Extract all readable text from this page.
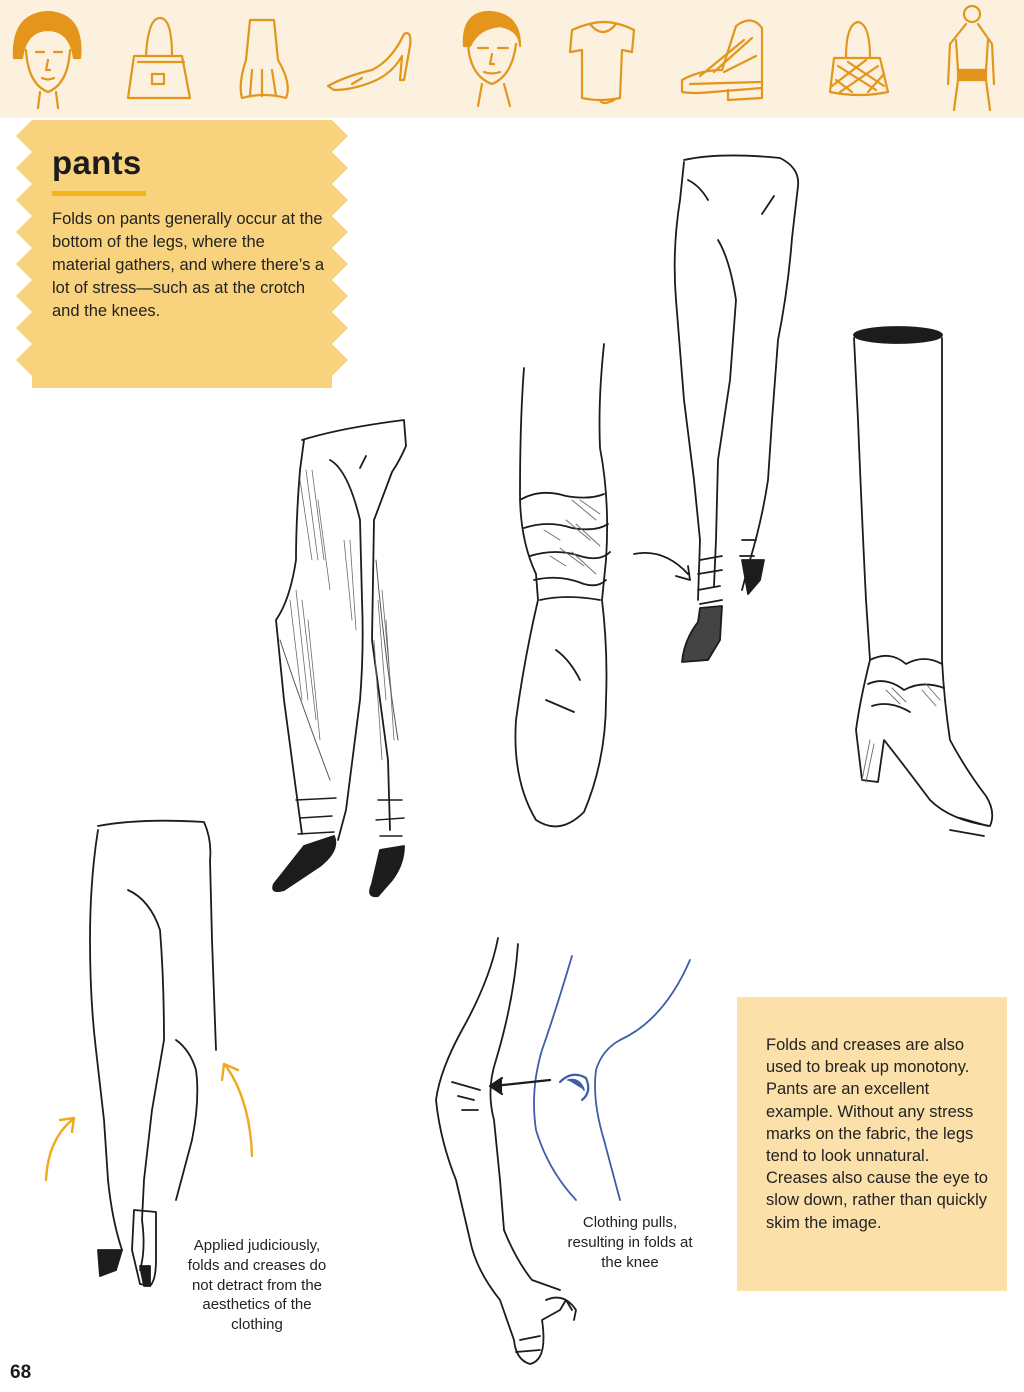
pants

Folds on pants generally occur at the bottom of the legs, where the material gathers, and where there’s a lot of stress—such as at the crotch and the knees.

Applied judiciously, folds and creases do not detract from the aesthetics of the clothing

Clothing pulls, resulting in folds at the knee

Folds and creases are also used to break up monotony. Pants are an excellent example. Without any stress marks on the fabric, the legs tend to look unnatural. Creases also cause the eye to slow down, rather than quickly skim the image.

68
